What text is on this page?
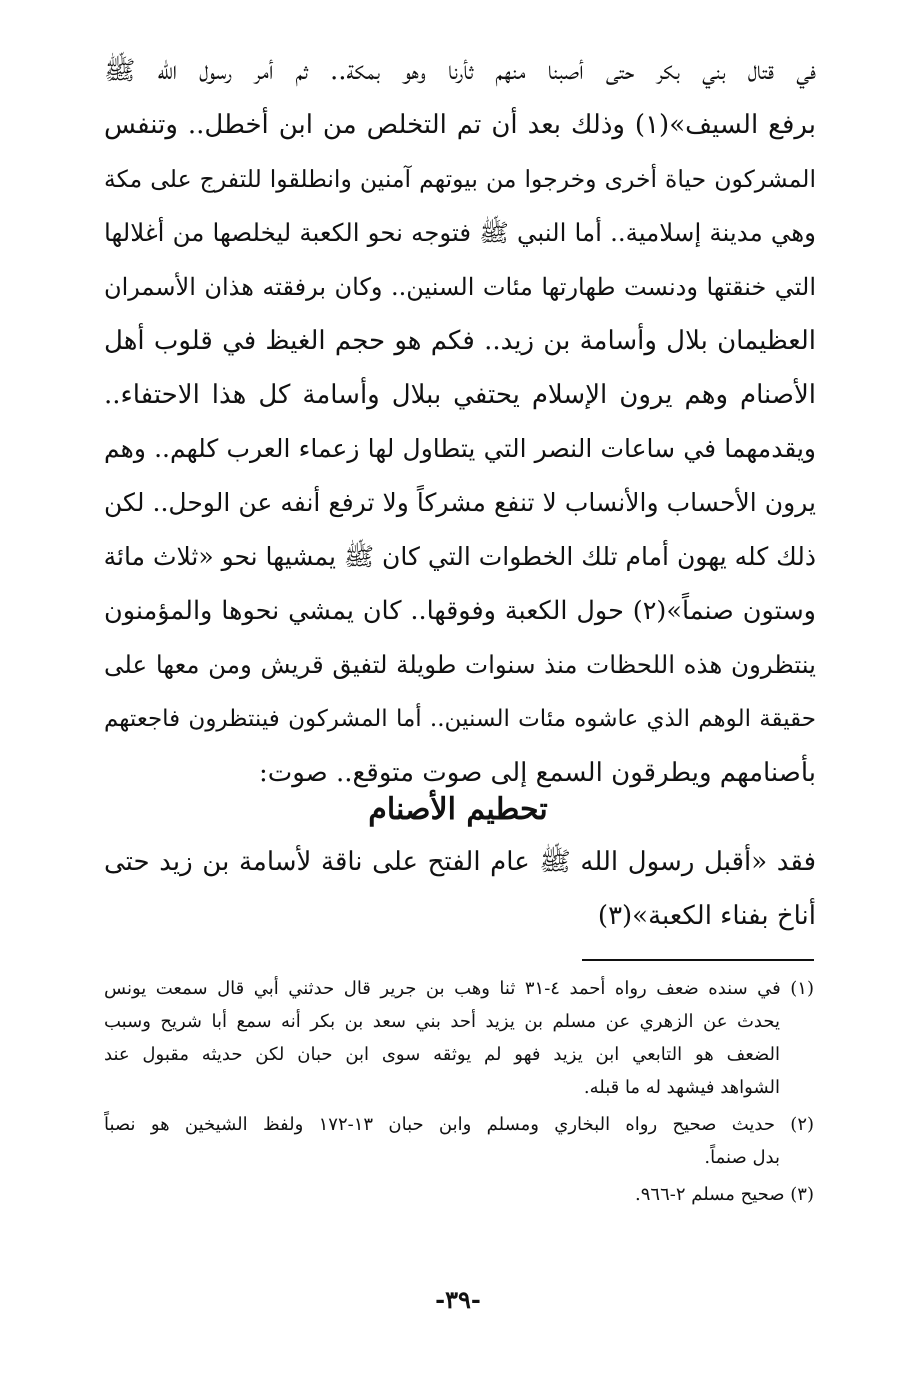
في قتال بني بكر حتى أصبنا منهم ثأرنا وهو بمكة.. ثم أمر رسول الله ﷺ
برفع السيف»(١) وذلك بعد أن تم التخلص من ابن أخطل.. وتنفس
المشركون حياة أخرى وخرجوا من بيوتهم آمنين وانطلقوا للتفرج على مكة
وهي مدينة إسلامية.. أما النبي ﷺ فتوجه نحو الكعبة ليخلصها من أغلالها
التي خنقتها ودنست طهارتها مئات السنين.. وكان برفقته هذان الأسمران
العظيمان بلال وأسامة بن زيد.. فكم هو حجم الغيظ في قلوب أهل
الأصنام وهم يرون الإسلام يحتفي ببلال وأسامة كل هذا الاحتفاء..
ويقدمهما في ساعات النصر التي يتطاول لها زعماء العرب كلهم.. وهم
يرون الأحساب والأنساب لا تنفع مشركاً ولا ترفع أنفه عن الوحل.. لكن
ذلك كله يهون أمام تلك الخطوات التي كان ﷺ يمشيها نحو «ثلاث مائة
وستون صنماً»(٢) حول الكعبة وفوقها.. كان يمشي نحوها والمؤمنون
ينتظرون هذه اللحظات منذ سنوات طويلة لتفيق قريش ومن معها على
حقيقة الوهم الذي عاشوه مئات السنين.. أما المشركون فينتظرون فاجعتهم
بأصنامهم ويطرقون السمع إلى صوت متوقع.. صوت:
تحطيم الأصنام
فقد «أقبل رسول الله ﷺ عام الفتح على ناقة لأسامة بن زيد حتى
أناخ بفناء الكعبة»(٣)
(١) في سنده ضعف رواه أحمد ٤-٣١ ثنا وهب بن جرير قال حدثني أبي قال سمعت يونس
يحدث عن الزهري عن مسلم بن يزيد أحد بني سعد بن بكر أنه سمع أبا شريح وسبب
الضعف هو التابعي ابن يزيد فهو لم يوثقه سوى ابن حبان لكن حديثه مقبول عند
الشواهد فيشهد له ما قبله.
(٢) حديث صحيح رواه البخاري ومسلم وابن حبان ١٣-١٧٢ ولفظ الشيخين هو نصباً
بدل صنماً.
(٣) صحيح مسلم ٢-٩٦٦.
-٣٩-
